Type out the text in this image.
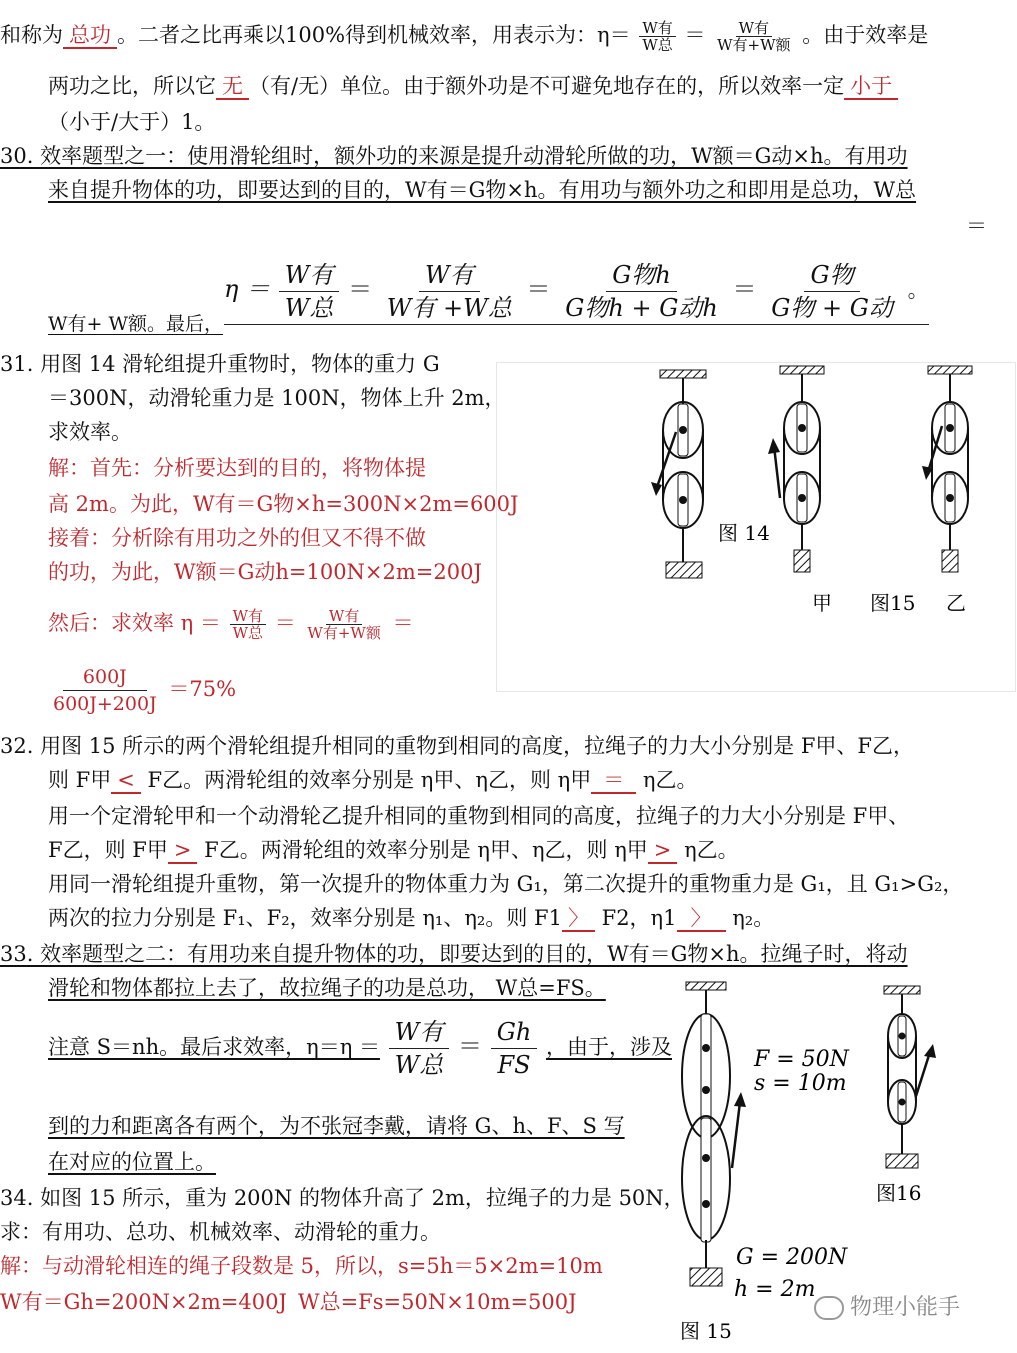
和称为 总功 。二者之比再乘以100%得到机械效率，用表示为：$\eta= \frac{\text{W有}}{\text{W总}} = \frac{\text{W有}}{\text{W有+W额}}$ 。由于效率是
两功之比，所以它 无 （有/无）单位。由于额外功是不可避免地存在的，所以效率一定 小于
（小于/大于）1。
30. 效率题型之一：使用滑轮组时，额外功的来源是提升动滑轮所做的功，W额＝G动×h。有用功
来自提升物体的功，即要达到的目的，W有＝G物×h。有用功与额外功之和即用是总功，W总
＝
W有+ W额。最后，
$\eta = \frac{\text{W有}}{\text{W总}} = \frac{\text{W有}}{\text{W有 +W总}} = \frac{\text{G物h}}{\text{G物h + G动h}} = \frac{\text{G物}}{\text{G物 + G动}}$ 。
31. 用图 14 滑轮组提升重物时，物体的重力 G
＝300N，动滑轮重力是 100N，物体上升 2m，
求效率。
解：首先：分析要达到的目的，将物体提
高 2m。为此，W有＝G物×h=300N×2m=600J
接着：分析除有用功之外的但又不得不做
的功，为此，W额＝G动h=100N×2m=200J
然后：求效率 $\eta = \frac{\text{W有}}{\text{W总}} = \frac{\text{W有}}{\text{W有+W额}}$ ＝
$\frac{600J}{600J+200J} =75\%$
图 14
甲 图15 乙
32. 用图 15 所示的两个滑轮组提升相同的重物到相同的高度，拉绳子的力大小分别是 F甲、F乙，
则 F甲 < F乙。两滑轮组的效率分别是 η甲、η乙，则 η甲 ＝ η乙。
用一个定滑轮甲和一个动滑轮乙提升相同的重物到相同的高度，拉绳子的力大小分别是 F甲、
F乙，则 F甲 > F乙。两滑轮组的效率分别是 η甲、η乙，则 η甲 > η乙。
用同一滑轮组提升重物，第一次提升的物体重力为 G₁，第二次提升的重物重力是 G₁，且 G₁>G₂，
两次的拉力分别是 F₁、F₂，效率分别是 η₁、η₂。则 F1 〉 F2，η1 〉 η₂。
33. 效率题型之二：有用功来自提升物体的功，即要达到的目的，W有＝G物×h。拉绳子时，将动
滑轮和物体都拉上去了，故拉绳子的功是总功， W总=FS。
注意 S＝nh。最后求效率，$\eta=\eta = \frac{\text{W有}}{\text{W总}} = \frac{Gh}{FS}$ ，由于，涉及
到的力和距离各有两个，为不张冠李戴，请将 G、h、F、S 写
在对应的位置上。
34. 如图 15 所示，重为 200N 的物体升高了 2m，拉绳子的力是 50N，
求：有用功、总功、机械效率、动滑轮的重力。
解：与动滑轮相连的绳子段数是 5，所以，s=5h＝5×2m=10m
W有＝Gh=200N×2m=400J W总=Fs=50N×10m=500J
F = 50N
s = 10m
G = 200N
h = 2m
图 15
图16
物理小能手
